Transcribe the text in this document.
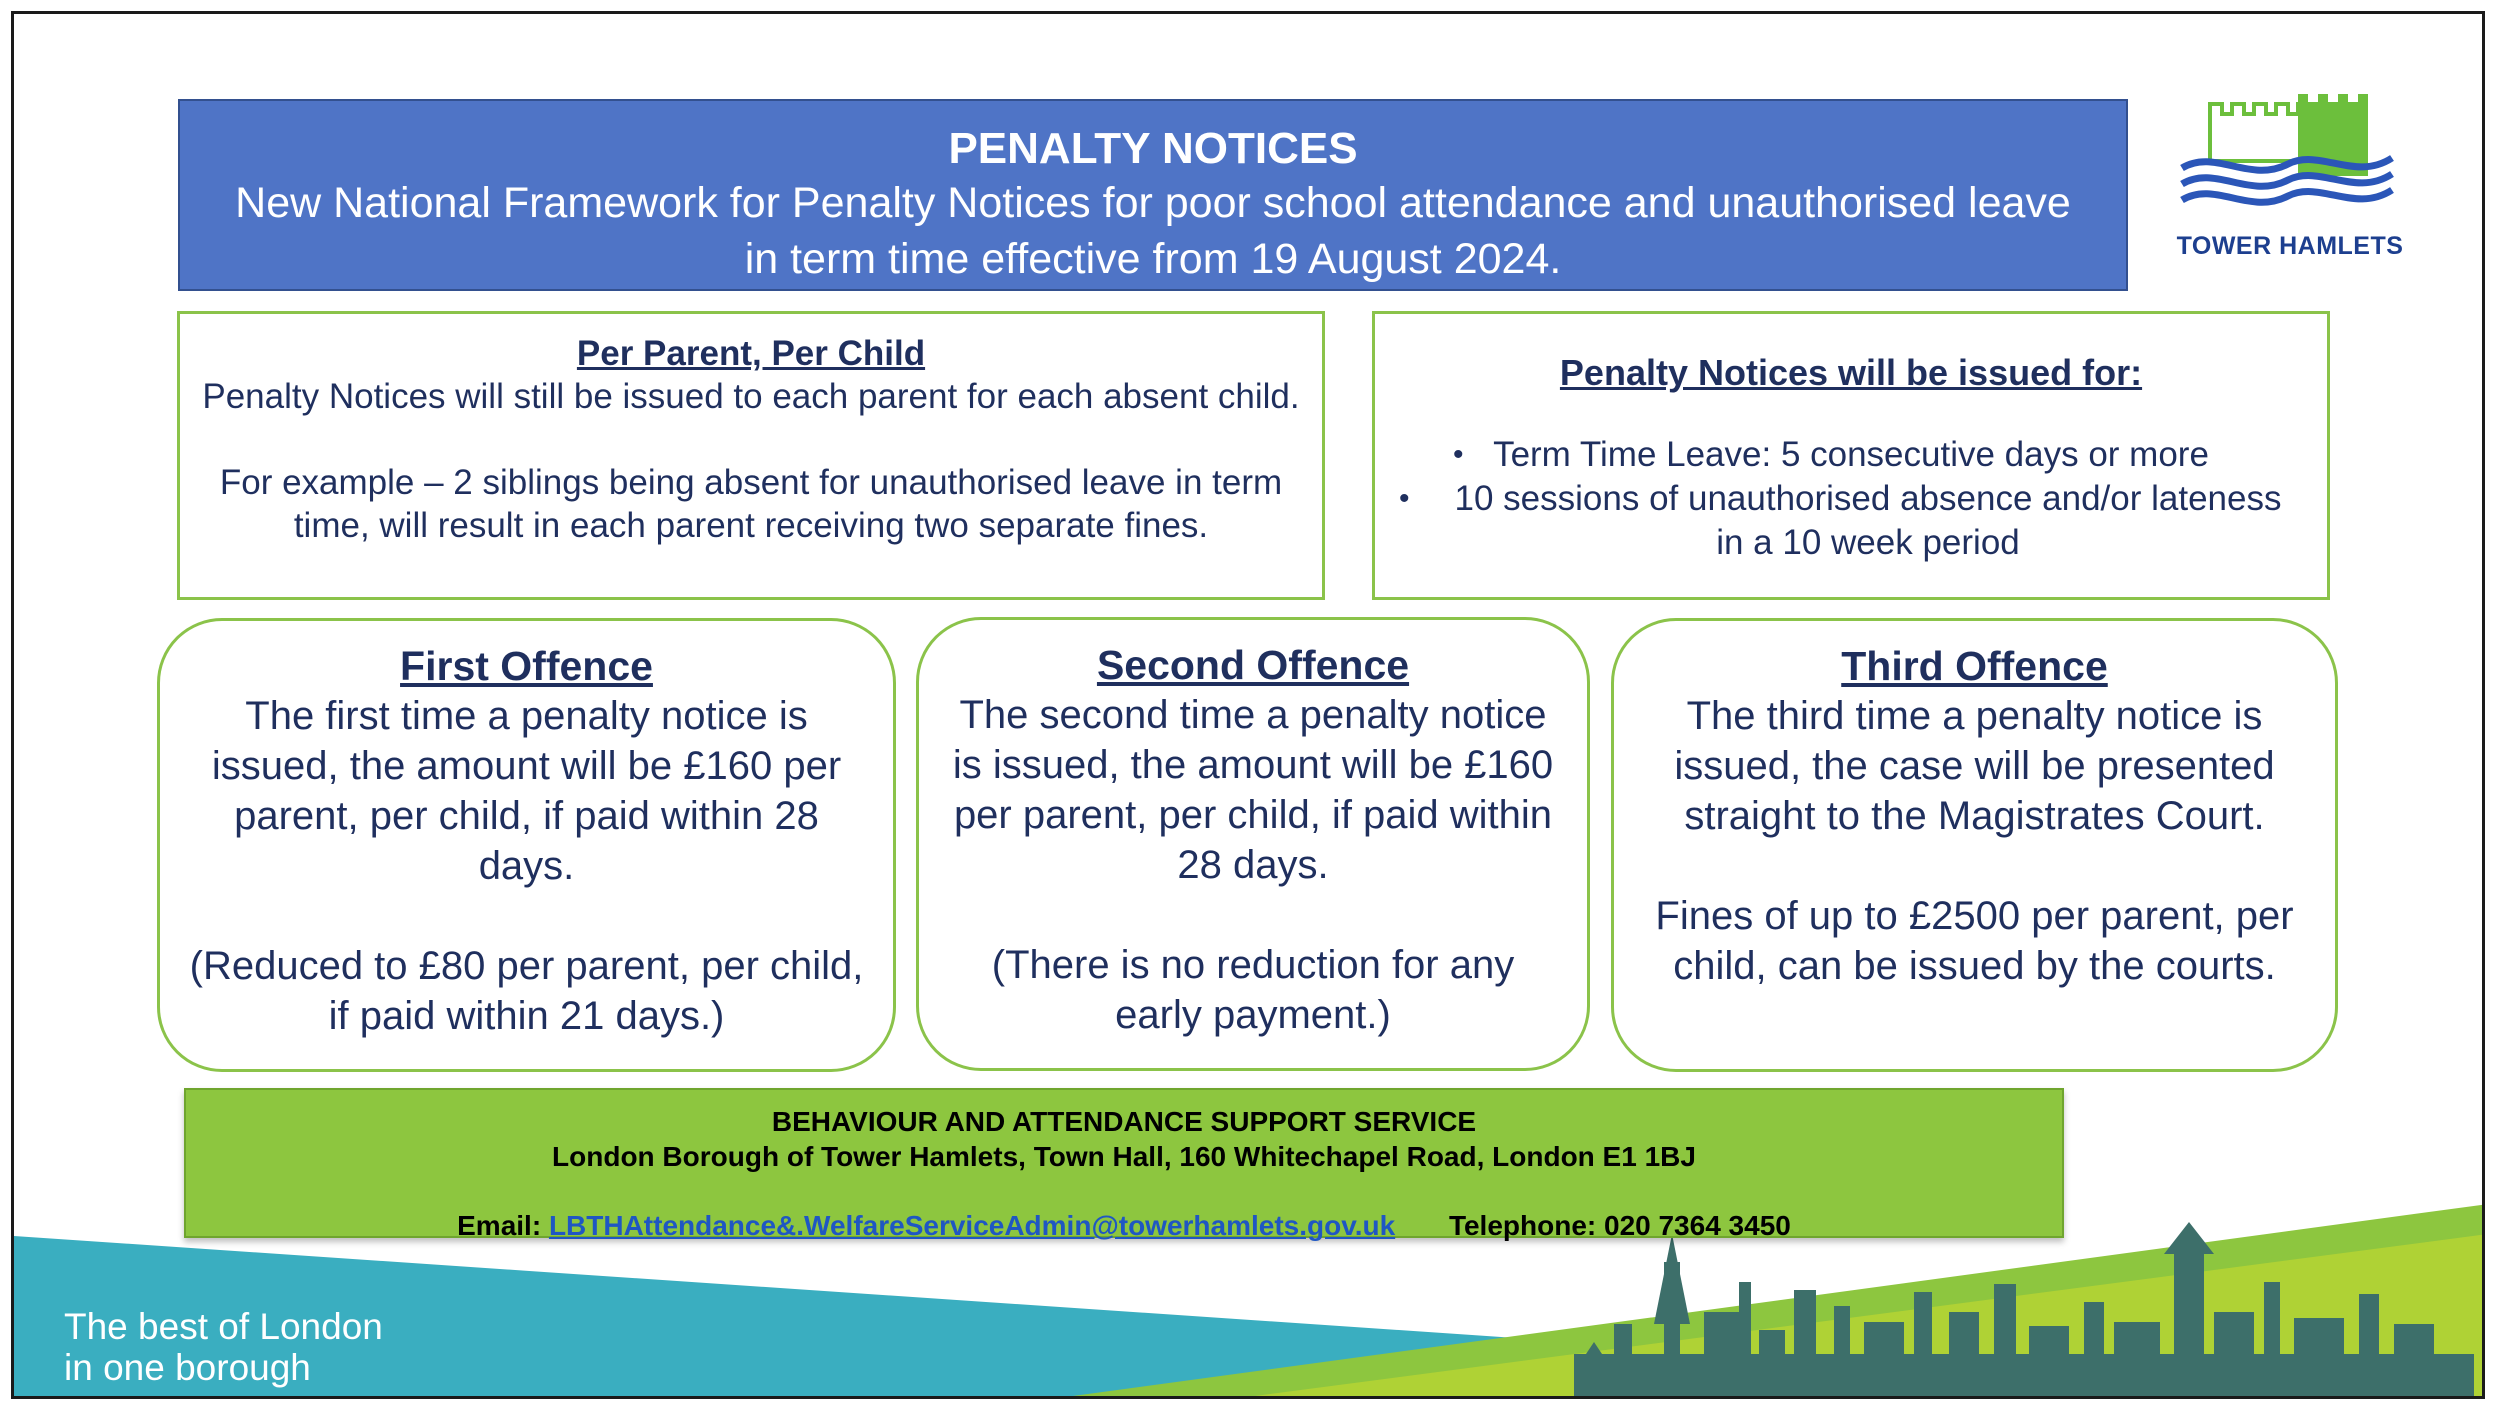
PENALTY NOTICES
New National Framework for Penalty Notices for poor school attendance and unauthorised leave in term time effective from 19 August 2024.	TOWER HAMLETS
Per Parent, Per Child

Penalty Notices will still be issued to each parent for each absent child.

For example – 2 siblings being absent for unauthorised leave in term time, will result in each parent receiving two separate fines.

Penalty Notices will be issued for:
• Term Time Leave: 5 consecutive days or more
• 10 sessions of unauthorised absence and/or lateness in a 10 week period
First Offence

The first time a penalty notice is issued, the amount will be £160 per parent, per child, if paid within 28 days.

(Reduced to £80 per parent, per child, if paid within 21 days.)

Second Offence

The second time a penalty notice is issued, the amount will be £160 per parent, per child, if paid within 28 days.

(There is no reduction for any early payment.)

Third Offence

The third time a penalty notice is issued, the case will be presented straight to the Magistrates Court.

Fines of up to £2500 per parent, per child, can be issued by the courts.

BEHAVIOUR AND ATTENDANCE SUPPORT SERVICE
London Borough of Tower Hamlets, Town Hall, 160 Whitechapel Road, London E1 1BJ
Email: LBTHAttendance&.WelfareServiceAdmin@towerhamlets.gov.uk Telephone: 020 7364 3450
The best of London
in one borough
